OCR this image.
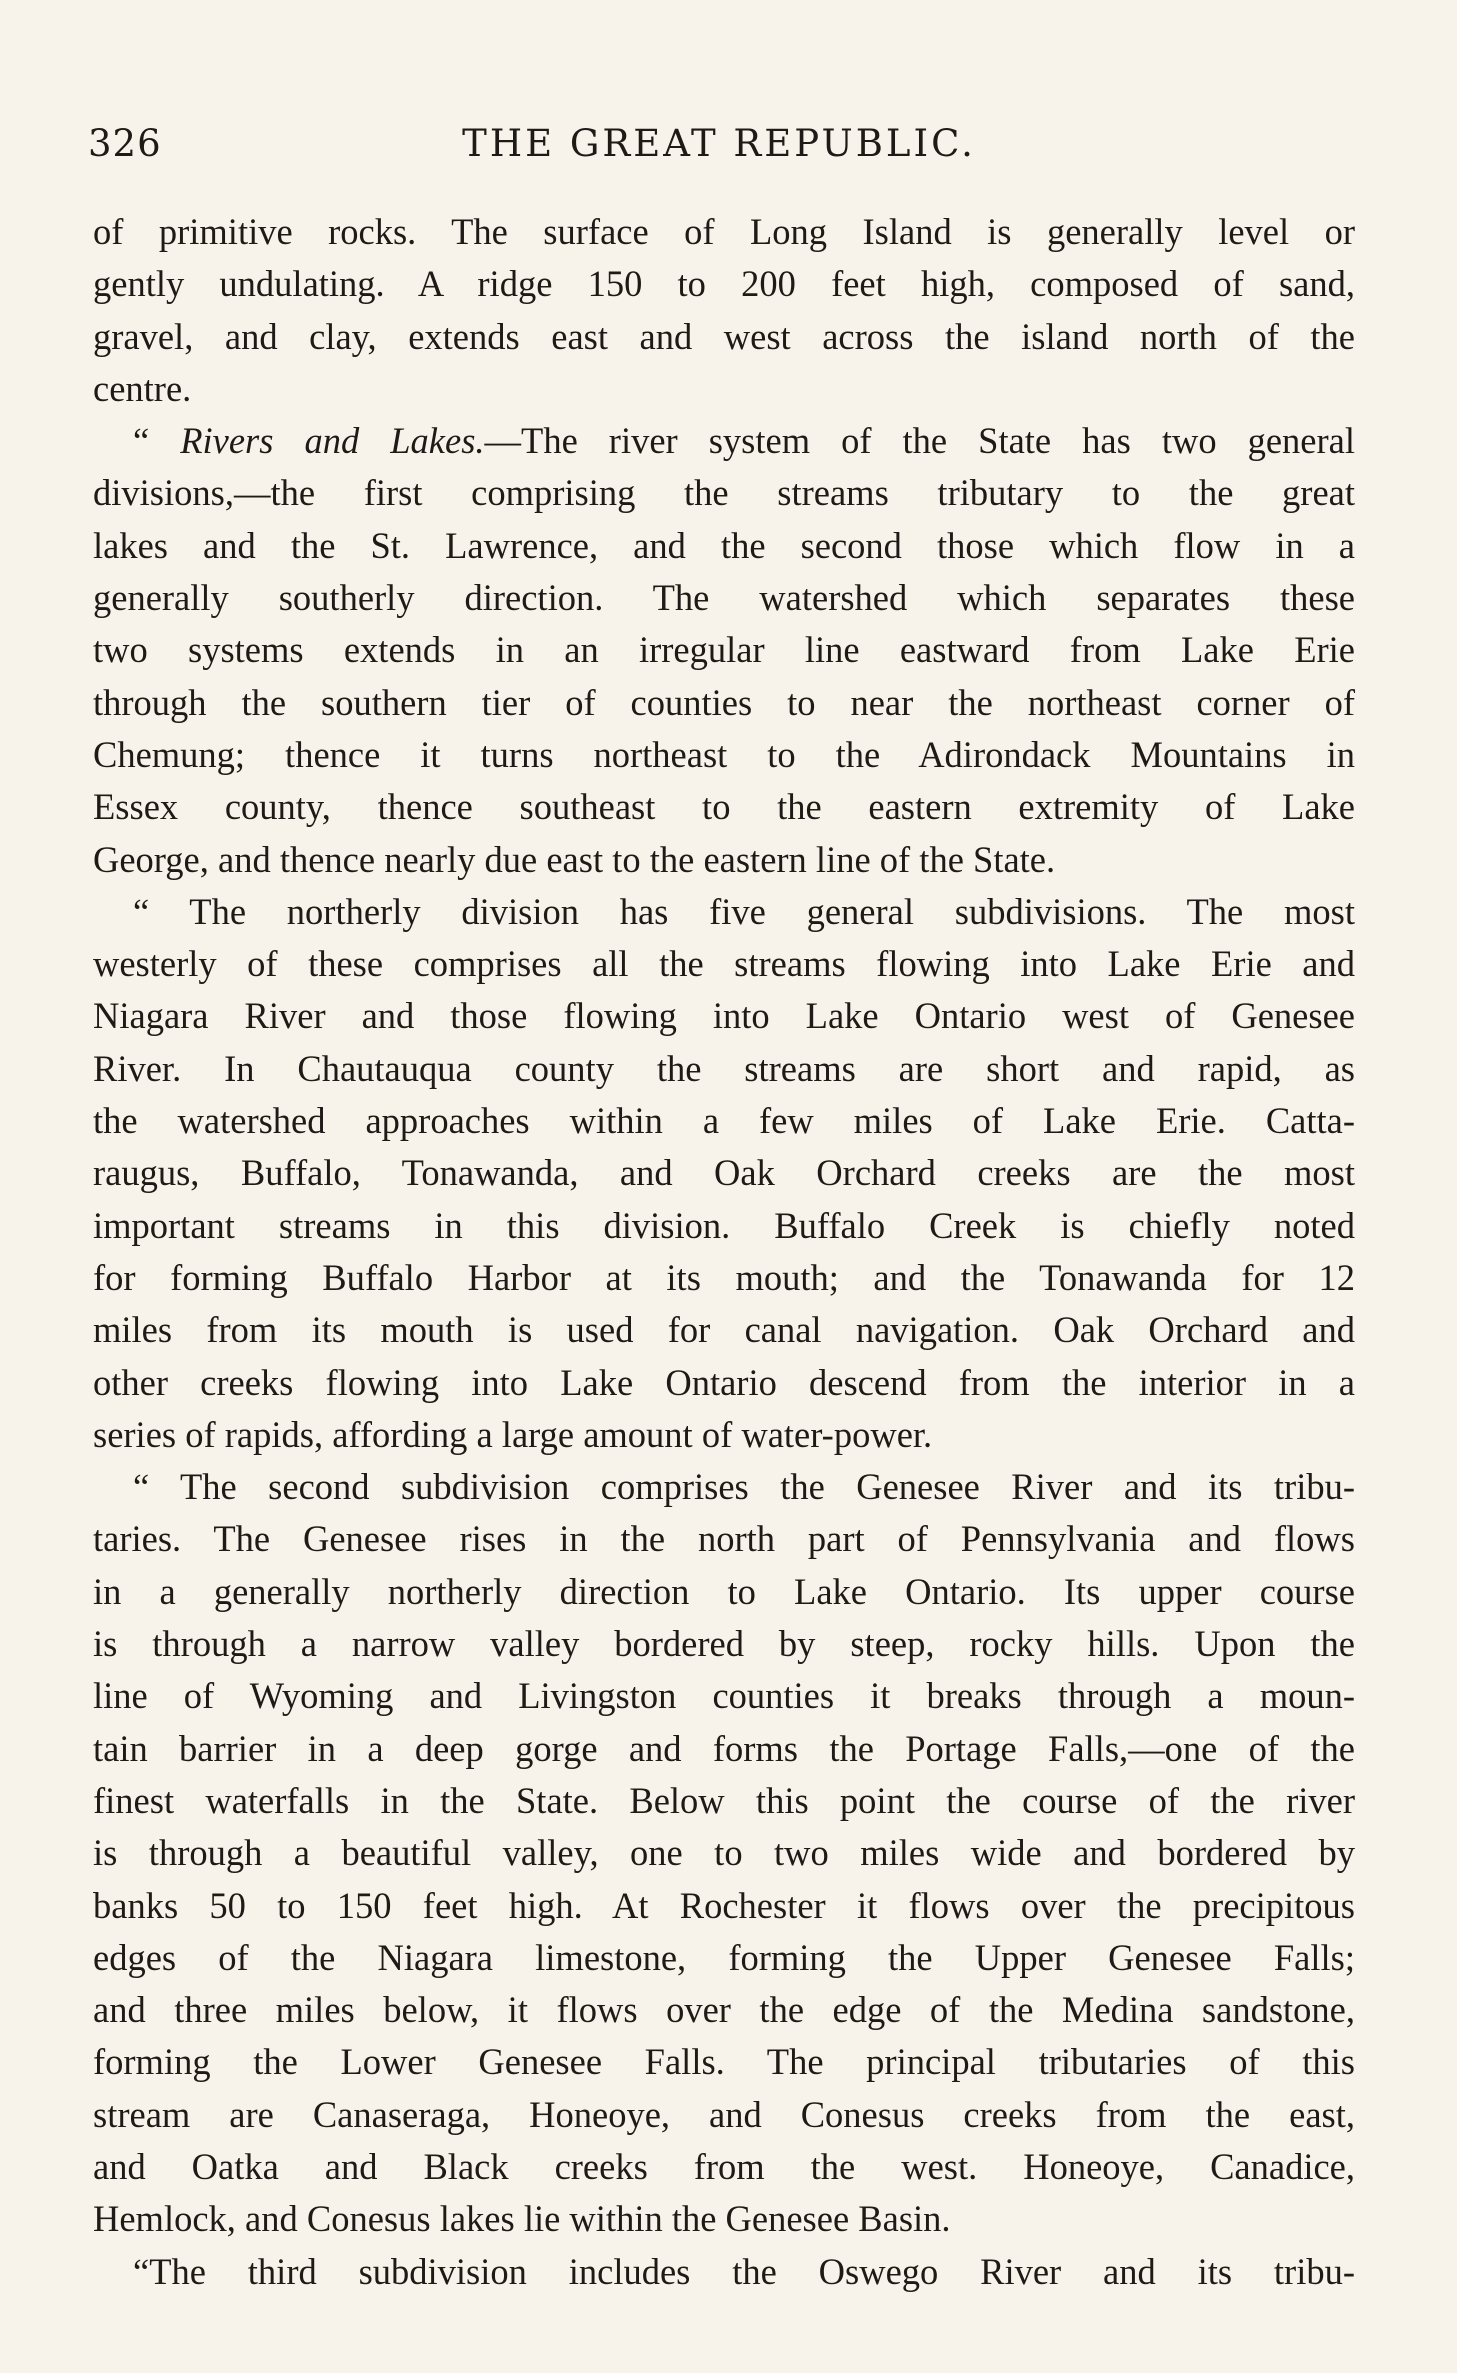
326	THE GREAT REPUBLIC.
of primitive rocks. The surface of Long Island is generally level or
gently undulating. A ridge 150 to 200 feet high, composed of sand,
gravel, and clay, extends east and west across the island north of the
centre.
“ Rivers and Lakes.—The river system of the State has two general
divisions,—the first comprising the streams tributary to the great
lakes and the St. Lawrence, and the second those which flow in a
generally southerly direction. The watershed which separates these
two systems extends in an irregular line eastward from Lake Erie
through the southern tier of counties to near the northeast corner of
Chemung; thence it turns northeast to the Adirondack Mountains in
Essex county, thence southeast to the eastern extremity of Lake
George, and thence nearly due east to the eastern line of the State.
“ The northerly division has five general subdivisions. The most
westerly of these comprises all the streams flowing into Lake Erie and
Niagara River and those flowing into Lake Ontario west of Genesee
River. In Chautauqua county the streams are short and rapid, as
the watershed approaches within a few miles of Lake Erie. Catta-
raugus, Buffalo, Tonawanda, and Oak Orchard creeks are the most
important streams in this division. Buffalo Creek is chiefly noted
for forming Buffalo Harbor at its mouth; and the Tonawanda for 12
miles from its mouth is used for canal navigation. Oak Orchard and
other creeks flowing into Lake Ontario descend from the interior in a
series of rapids, affording a large amount of water-power.
“ The second subdivision comprises the Genesee River and its tribu-
taries. The Genesee rises in the north part of Pennsylvania and flows
in a generally northerly direction to Lake Ontario. Its upper course
is through a narrow valley bordered by steep, rocky hills. Upon the
line of Wyoming and Livingston counties it breaks through a moun-
tain barrier in a deep gorge and forms the Portage Falls,—one of the
finest waterfalls in the State. Below this point the course of the river
is through a beautiful valley, one to two miles wide and bordered by
banks 50 to 150 feet high. At Rochester it flows over the precipitous
edges of the Niagara limestone, forming the Upper Genesee Falls;
and three miles below, it flows over the edge of the Medina sandstone,
forming the Lower Genesee Falls. The principal tributaries of this
stream are Canaseraga, Honeoye, and Conesus creeks from the east,
and Oatka and Black creeks from the west. Honeoye, Canadice,
Hemlock, and Conesus lakes lie within the Genesee Basin.
“The third subdivision includes the Oswego River and its tribu-
